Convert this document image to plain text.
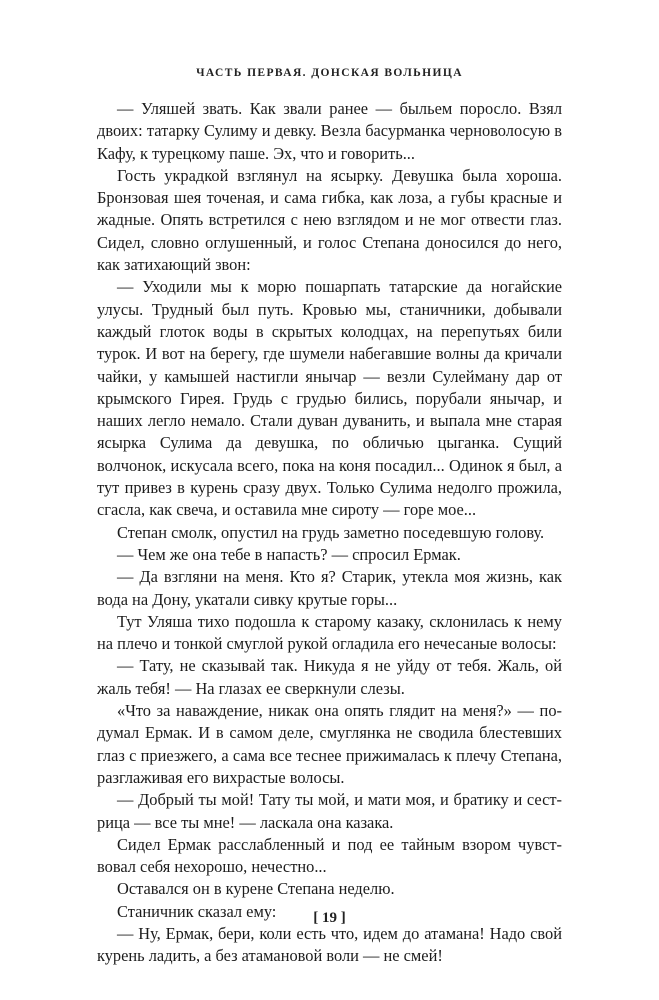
ЧАСТЬ ПЕРВАЯ. ДОНСКАЯ ВОЛЬНИЦА

— Уляшей звать. Как звали ранее — быльем поросло. Взял двоих: татарку Сулиму и девку. Везла басурманка черноволосую в Кафу, к турецкому паше. Эх, что и говорить...

Гость украдкой взглянул на ясырку. Девушка была хороша. Бронзовая шея точеная, и сама гибка, как лоза, а губы красные и жадные. Опять встретился с нею взглядом и не мог отвести глаз. Сидел, словно оглушенный, и голос Степана доносился до него, как затихающий звон:

— Уходили мы к морю пошарпать татарские да ногайские улусы. Трудный был путь. Кровью мы, станичники, добывали каждый глоток воды в скрытых колодцах, на перепутьях били турок. И вот на берегу, где шумели набегавшие волны да кричали чайки, у камышей настигли янычар — везли Сулейману дар от крымского Гирея. Грудь с грудью бились, порубали янычар, и наших легло немало. Стали дуван дуванить, и выпала мне старая ясырка Сулима да девушка, по обличью цыганка. Сущий волчонок, искусала всего, пока на коня посадил... Одинок я был, а тут привез в курень сразу двух. Только Сулима недолго прожила, сгасла, как свеча, и оставила мне сироту — горе мое...

Степан смолк, опустил на грудь заметно поседевшую голову.

— Чем же она тебе в напасть? — спросил Ермак.

— Да взгляни на меня. Кто я? Старик, утекла моя жизнь, как вода на Дону, укатали сивку крутые горы...

Тут Уляша тихо подошла к старому казаку, склонилась к нему на плечо и тонкой смуглой рукой огладила его нечесаные волосы:

— Тату, не сказывай так. Никуда я не уйду от тебя. Жаль, ой жаль тебя! — На глазах ее сверкнули слезы.

«Что за наваждение, никак она опять глядит на меня?» — подумал Ермак. И в самом деле, смуглянка не сводила блестевших глаз с приезжего, а сама все теснее прижималась к плечу Степана, разглаживая его вихрастые волосы.

— Добрый ты мой! Тату ты мой, и мати моя, и братику и сестрица — все ты мне! — ласкала она казака.

Сидел Ермак расслабленный и под ее тайным взором чувствовал себя нехорошо, нечестно...

Оставался он в курене Степана неделю.

Станичник сказал ему:

— Ну, Ермак, бери, коли есть что, идем до атамана! Надо свой курень ладить, а без атамановой воли — не смей!

[ 19 ]
